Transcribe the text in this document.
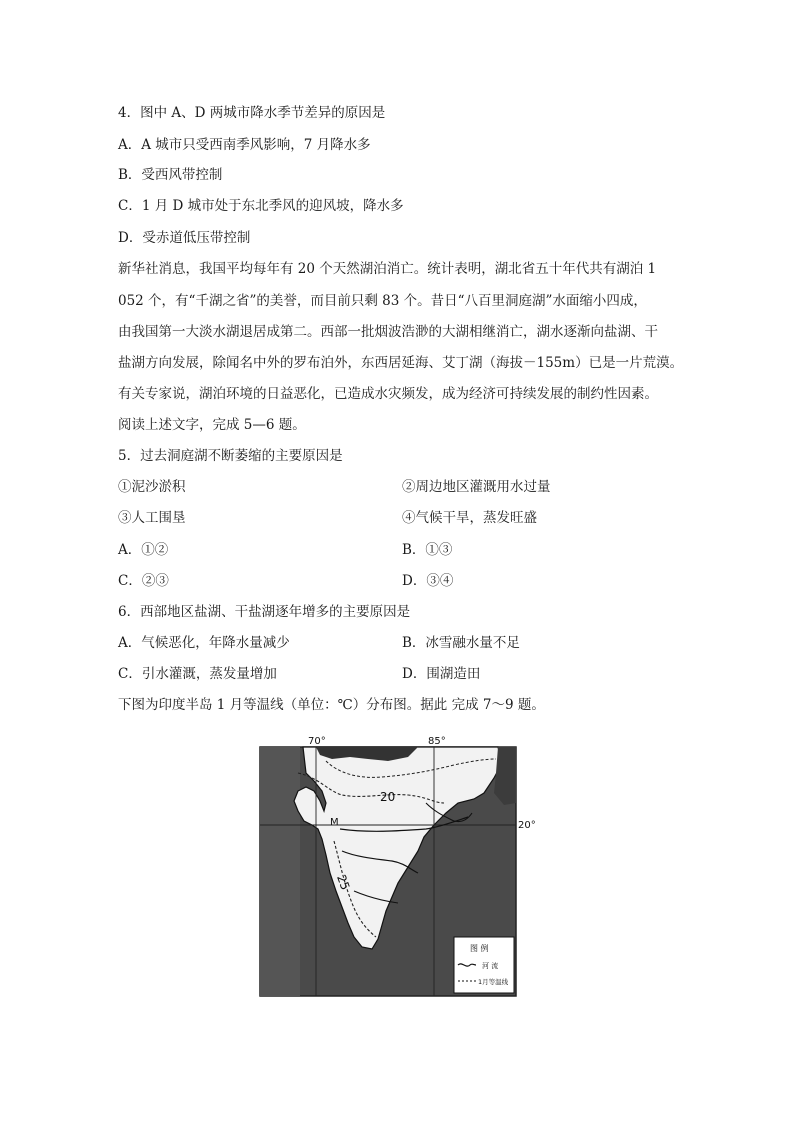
4．图中 A、D 两城市降水季节差异的原因是
A．A 城市只受西南季风影响，7 月降水多
B．受西风带控制
C．1 月 D 城市处于东北季风的迎风坡，降水多
D．受赤道低压带控制
新华社消息，我国平均每年有 20 个天然湖泊消亡。统计表明，湖北省五十年代共有湖泊 1
052 个，有“千湖之省”的美誉，而目前只剩 83 个。昔日“八百里洞庭湖”水面缩小四成，
由我国第一大淡水湖退居成第二。西部一批烟波浩渺的大湖相继消亡，湖水逐渐向盐湖、干
盐湖方向发展，除闻名中外的罗布泊外，东西居延海、艾丁湖（海拔－155m）已是一片荒漠。
有关专家说，湖泊环境的日益恶化，已造成水灾频发，成为经济可持续发展的制约性因素。
阅读上述文字，完成 5—6 题。
5．过去洞庭湖不断萎缩的主要原因是
①泥沙淤积	②周边地区灌溉用水过量
③人工围垦	④气候干旱，蒸发旺盛
A．①②	B．①③
C．②③	D．③④
6．西部地区盐湖、干盐湖逐年增多的主要原因是
A．气候恶化，年降水量减少	B．冰雪融水量不足
C．引水灌溉，蒸发量增加	D．围湖造田
下图为印度半岛 1 月等温线（单位：℃）分布图。据此 完成 7～9 题。
70°	85°
20°
20
25
M
图 例
河 流
1月等温线
